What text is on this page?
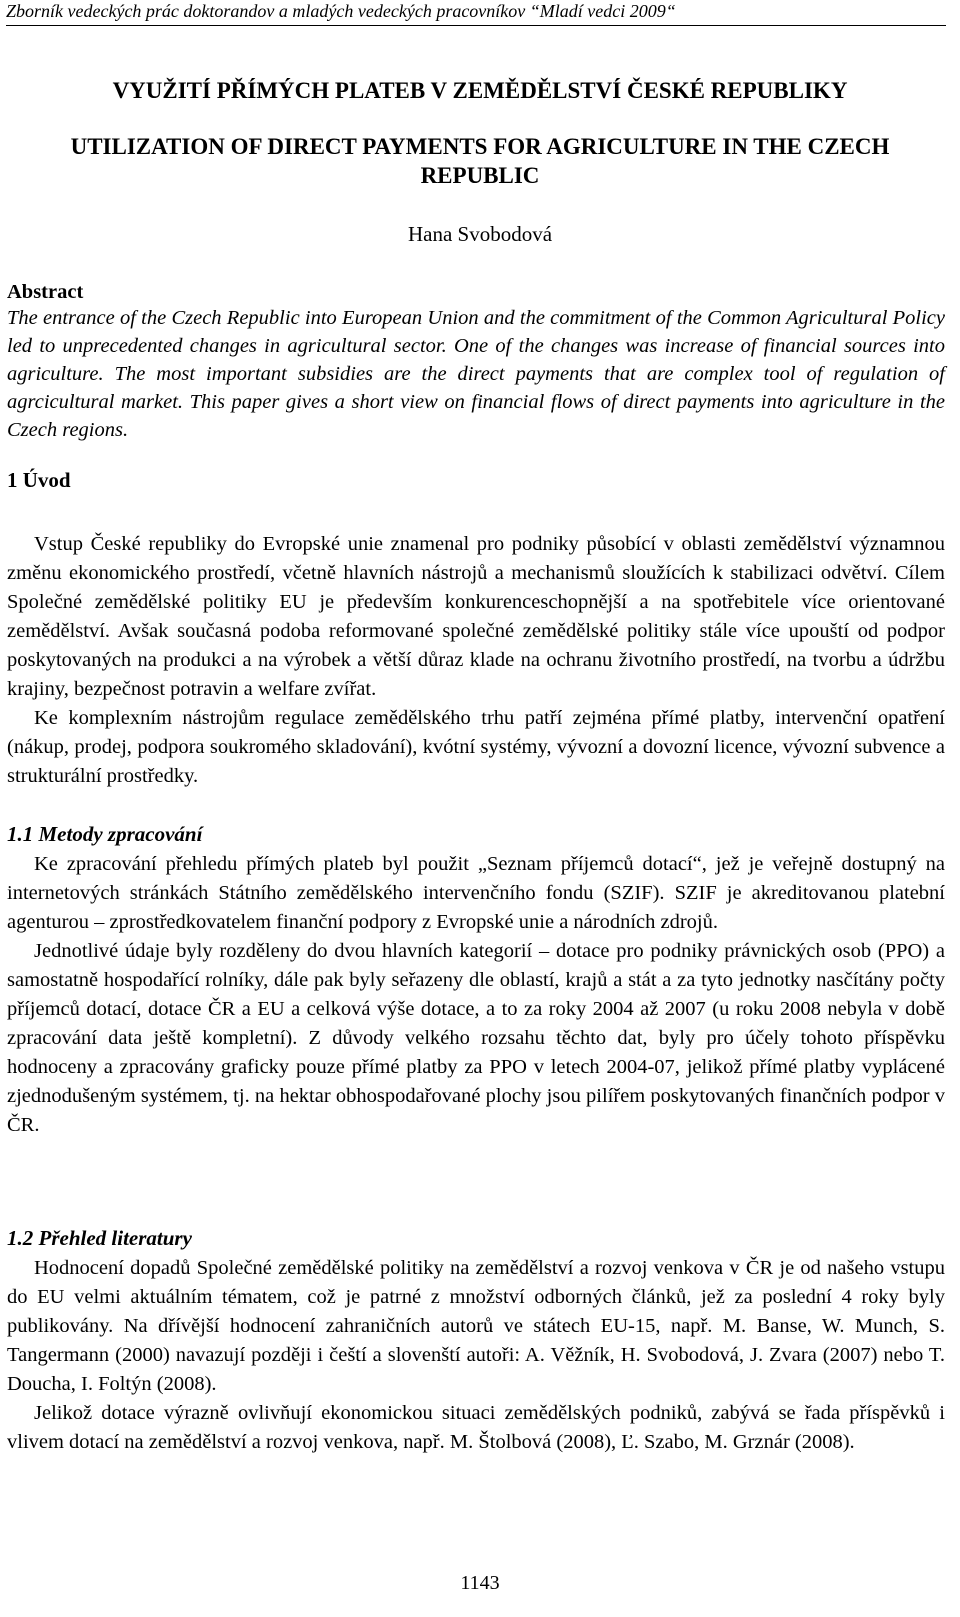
Zborník vedeckých prác doktorandov a mladých vedeckých pracovníkov “Mladí vedci 2009“
VYUŽITÍ PŘÍMÝCH PLATEB V ZEMĚDĚLSTVÍ ČESKÉ REPUBLIKY
UTILIZATION OF DIRECT PAYMENTS FOR AGRICULTURE IN THE CZECH
REPUBLIC
Hana Svobodová
Abstract
The entrance of the Czech Republic into European Union and the commitment of the Common Agricultural Policy led to unprecedented changes in agricultural sector. One of the changes was increase of financial sources into agriculture. The most important subsidies are the direct payments that are complex tool of regulation of agrcicultural market. This paper gives a short view on financial flows of direct payments into agriculture in the Czech regions.
1 Úvod

Vstup České republiky do Evropské unie znamenal pro podniky působící v oblasti zemědělství významnou změnu ekonomického prostředí, včetně hlavních nástrojů a mechanismů sloužících k stabilizaci odvětví. Cílem Společné zemědělské politiky EU je především konkurenceschopnější a na spotřebitele více orientované zemědělství. Avšak současná podoba reformované společné zemědělské politiky stále více upouští od podpor poskytovaných na produkci a na výrobek a větší důraz klade na ochranu životního prostředí, na tvorbu a údržbu krajiny, bezpečnost potravin a welfare zvířat.

Ke komplexním nástrojům regulace zemědělského trhu patří zejména přímé platby, intervenční opatření (nákup, prodej, podpora soukromého skladování), kvótní systémy, vývozní a dovozní licence, vývozní subvence a strukturální prostředky.

1.1 Metody zpracování

Ke zpracování přehledu přímých plateb byl použit „Seznam příjemců dotací“, jež je veřejně dostupný na internetových stránkách Státního zemědělského intervenčního fondu (SZIF). SZIF je akreditovanou platební agenturou – zprostředkovatelem finanční podpory z Evropské unie a národních zdrojů.

Jednotlivé údaje byly rozděleny do dvou hlavních kategorií – dotace pro podniky právnických osob (PPO) a samostatně hospodařící rolníky, dále pak byly seřazeny dle oblastí, krajů a stát a za tyto jednotky nasčítány počty příjemců dotací, dotace ČR a EU a celková výše dotace, a to za roky 2004 až 2007 (u roku 2008 nebyla v době zpracování data ještě kompletní). Z důvody velkého rozsahu těchto dat, byly pro účely tohoto příspěvku hodnoceny a zpracovány graficky pouze přímé platby za PPO v letech 2004-07, jelikož přímé platby vyplácené zjednodušeným systémem, tj. na hektar obhospodařované plochy jsou pilířem poskytovaných finančních podpor v ČR.

1.2 Přehled literatury

Hodnocení dopadů Společné zemědělské politiky na zemědělství a rozvoj venkova v ČR je od našeho vstupu do EU velmi aktuálním tématem, což je patrné z množství odborných článků, jež za poslední 4 roky byly publikovány. Na dřívější hodnocení zahraničních autorů ve státech EU-15, např. M. Banse, W. Munch, S. Tangermann (2000) navazují později i čeští a slovenští autoři: A. Věžník, H. Svobodová, J. Zvara (2007) nebo T. Doucha, I. Foltýn (2008).

Jelikož dotace výrazně ovlivňují ekonomickou situaci zemědělských podniků, zabývá se řada příspěvků i vlivem dotací na zemědělství a rozvoj venkova, např. M. Štolbová (2008), Ľ. Szabo, M. Grznár (2008).

1143
